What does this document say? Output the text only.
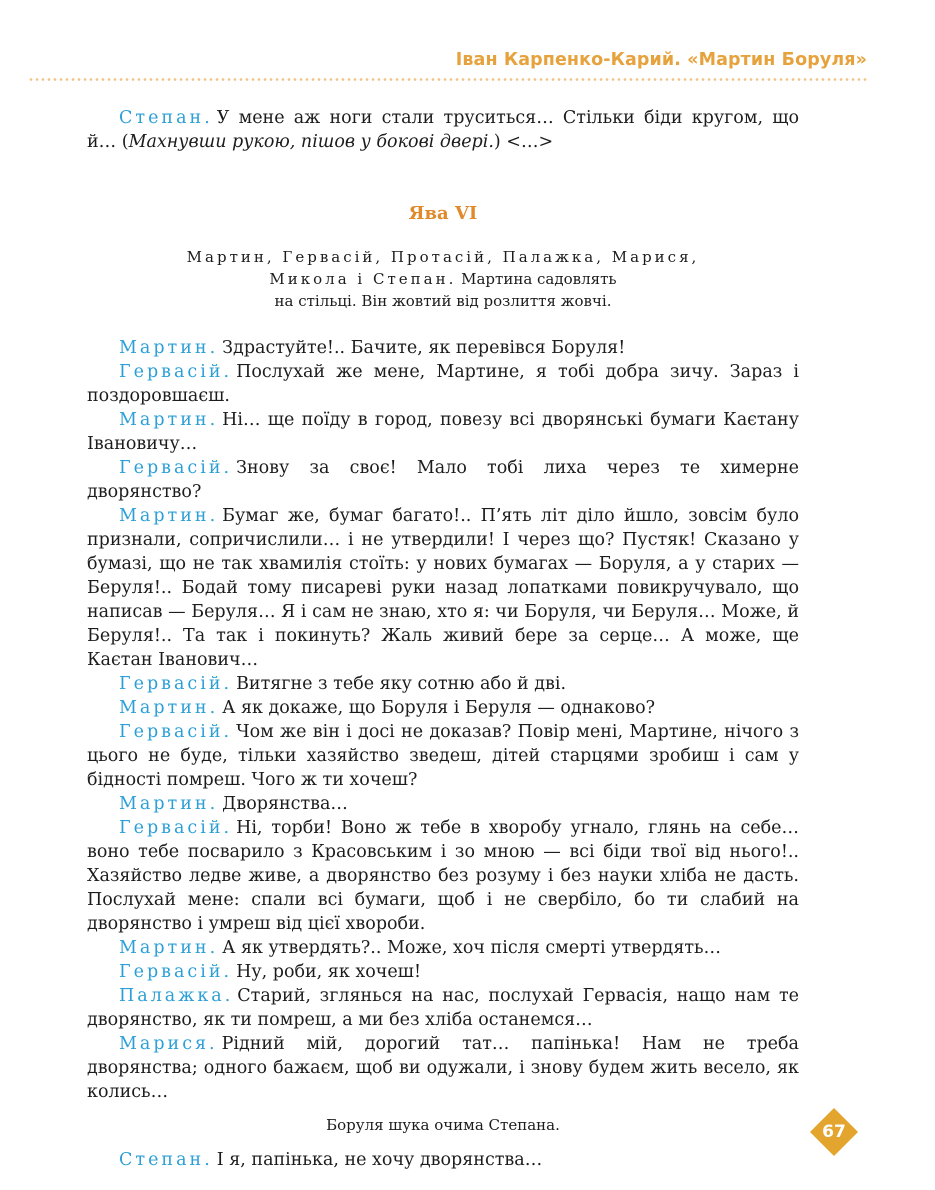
Іван Карпенко-Карий. «Мартин Боруля»

Степан. У мене аж ноги стали труситься… Стільки біди кругом, що й… (Махнувши рукою, пішов у бокові двері.) <…>

Ява VI
Мартин, Гервасій, Протасій, Палажка, Марися,
Микола і Степан. Мартина садовлять
на стільці. Він жовтий від розлиття жовчі.

Мартин. Здрастуйте!.. Бачите, як перевівся Боруля!

Гервасій. Послухай же мене, Мартине, я тобі добра зичу. Зараз і поздоровшаєш.

Мартин. Ні… ще поїду в город, повезу всі дворянські бумаги Каєтану Івановичу…

Гервасій. Знову за своє! Мало тобі лиха через те химерне дворянство?

Мартин. Бумаг же, бумаг багато!.. П’ять літ діло йшло, зовсім було признали, сопричислили… і не утвердили! І через що? Пустяк! Сказано у бумазі, що не так хвамилія стоїть: у нових бумагах — Боруля, а у старих — Беруля!.. Бодай тому писареві руки назад лопатками повикручувало, що написав — Беруля… Я і сам не знаю, хто я: чи Боруля, чи Беруля… Може, й Беруля!.. Та так і покинуть? Жаль живий бере за серце… А може, ще Каєтан Іванович…

Гервасій. Витягне з тебе яку сотню або й дві.

Мартин. А як докаже, що Боруля і Беруля — однаково?

Гервасій. Чом же він і досі не доказав? Повір мені, Мартине, нічого з цього не буде, тільки хазяйство зведеш, дітей старцями зробиш і сам у бідності помреш. Чого ж ти хочеш?

Мартин. Дворянства…

Гервасій. Ні, торби! Воно ж тебе в хворобу угнало, глянь на себе… воно тебе посварило з Красовським і зо мною — всі біди твої від нього!.. Хазяйство ледве живе, а дворянство без розуму і без науки хліба не дасть. Послухай мене: спали всі бумаги, щоб і не свербіло, бо ти слабий на дворянство і умреш від цієї хвороби.

Мартин. А як утвердять?.. Може, хоч після смерті утвердять…

Гервасій. Ну, роби, як хочеш!

Палажка. Старий, зглянься на нас, послухай Гервасія, нащо нам те дворянство, як ти помреш, а ми без хліба останемся…

Марися. Рідний мій, дорогий тат… папінька! Нам не треба дворянства; одного бажаєм, щоб ви одужали, і знову будем жить весело, як колись…

Боруля шука очима Степана.

Степан. І я, папінька, не хочу дворянства…

67
